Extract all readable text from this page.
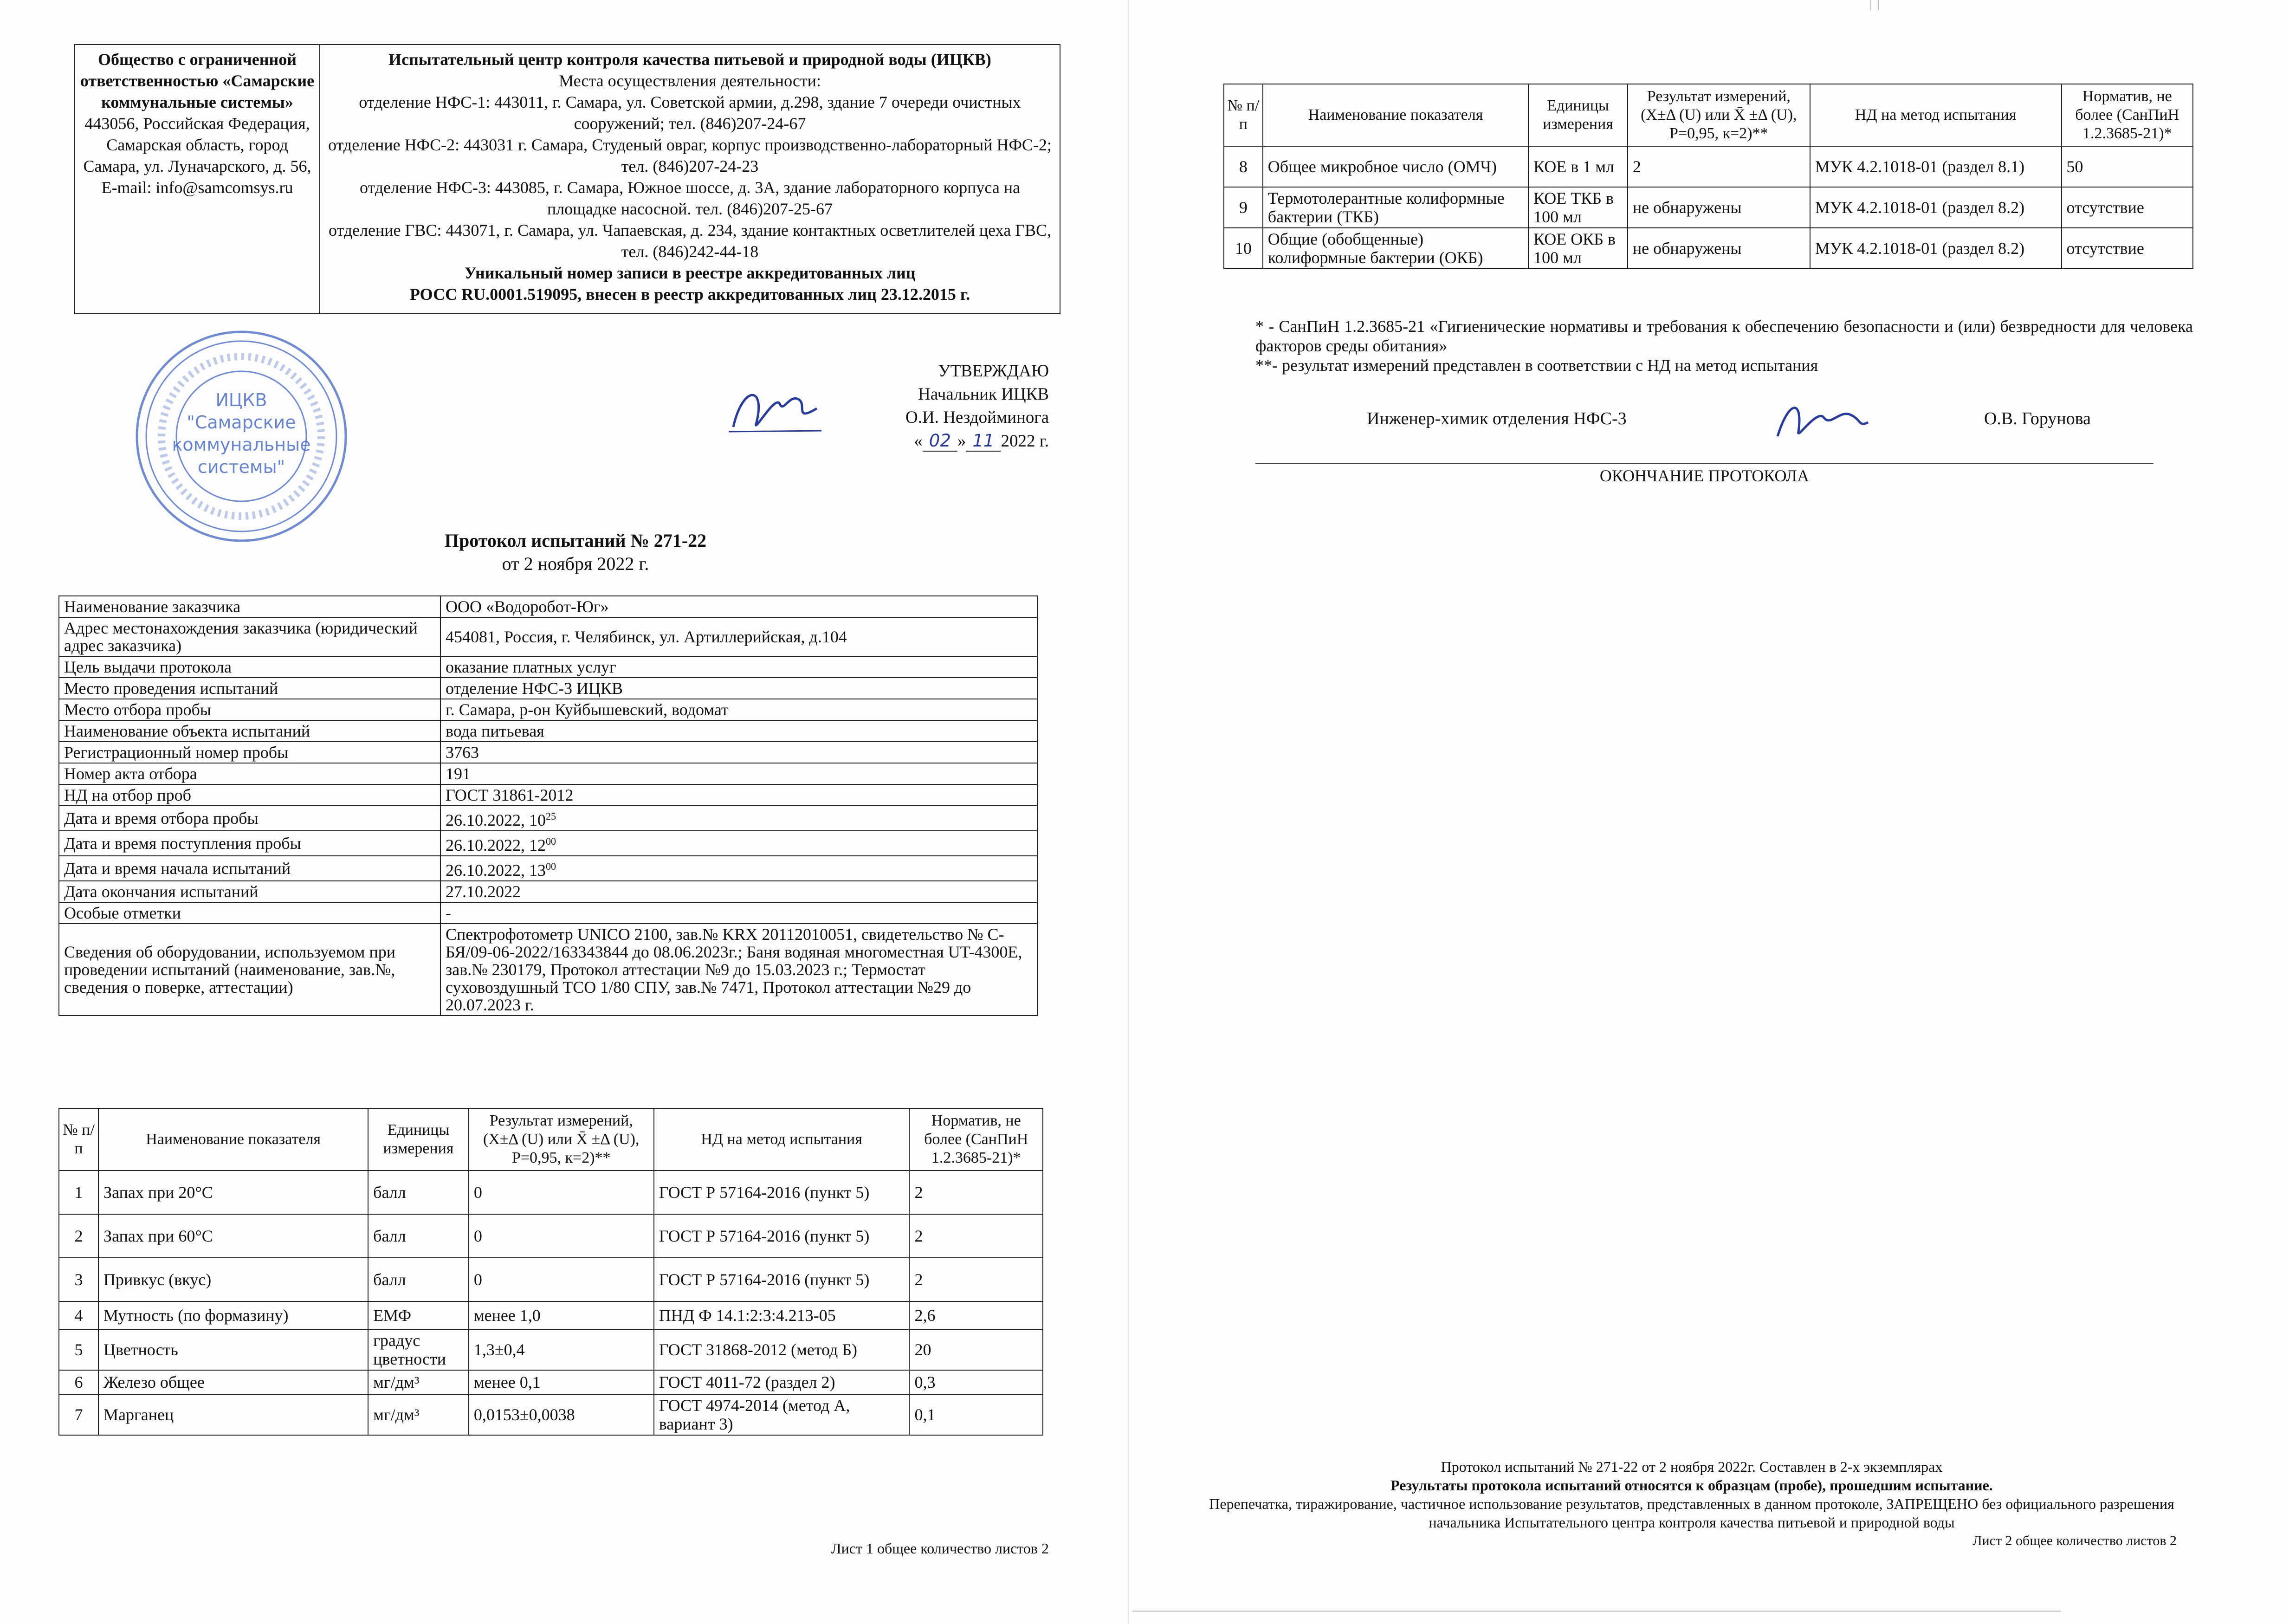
Общество с ограниченной ответственностью «Самарские коммунальные системы»
443056, Российская Федерация, Самарская область, город Самара, ул. Луначарского, д. 56,
E-mail: info@samcomsys.ru	Испытательный центр контроля качества питьевой и природной воды (ИЦКВ)
Места осуществления деятельности:
отделение НФС-1: 443011, г. Самара, ул. Советской армии, д.298, здание 7 очереди очистных сооружений; тел. (846)207-24-67
отделение НФС-2: 443031 г. Самара, Студеный овраг, корпус производственно-лабораторный НФС-2; тел. (846)207-24-23
отделение НФС-3: 443085, г. Самара, Южное шоссе, д. 3А, здание лабораторного корпуса на площадке насосной. тел. (846)207-25-67
отделение ГВС: 443071, г. Самара, ул. Чапаевская, д. 234, здание контактных осветлителей цеха ГВС, тел. (846)242-44-18
Уникальный номер записи в реестре аккредитованных лиц
РОСС RU.0001.519095, внесен в реестр аккредитованных лиц 23.12.2015 г.
ИЦКВ
"Самарские
коммунальные
системы"
УТВЕРЖДАЮ
Начальник ИЦКВ
О.И. Нездойминога
« 02 » 11 2022 г.
Протокол испытаний № 271-22
от 2 ноября 2022 г.
Наименование заказчика	ООО «Водоробот-Юг»
Адрес местонахождения заказчика (юридический адрес заказчика)	454081, Россия, г. Челябинск, ул. Артиллерийская, д.104
Цель выдачи протокола	оказание платных услуг
Место проведения испытаний	отделение НФС-3 ИЦКВ
Место отбора пробы	г. Самара, р-он Куйбышевский, водомат
Наименование объекта испытаний	вода питьевая
Регистрационный номер пробы	3763
Номер акта отбора	191
НД на отбор проб	ГОСТ 31861-2012
Дата и время отбора пробы	26.10.2022, $10^{25}$
Дата и время поступления пробы	26.10.2022, $12^{00}$
Дата и время начала испытаний	26.10.2022, $13^{00}$
Дата окончания испытаний	27.10.2022
Особые отметки	-
Сведения об оборудовании, используемом при проведении испытаний (наименование, зав.№, сведения о поверке, аттестации)	Спектрофотометр UNICO 2100, зав.№ KRX 20112010051, свидетельство № С-БЯ/09-06-2022/163343844 до 08.06.2023г.; Баня водяная многоместная UT-4300E, зав.№ 230179, Протокол аттестации №9 до 15.03.2023 г.; Термостат суховоздушный ТСО 1/80 СПУ, зав.№ 7471, Протокол аттестации №29 до 20.07.2023 г.
№ п/п	Наименование показателя	Единицы измерения	Результат измерений, (Х±Δ (U) или X̄ ±Δ (U), Р=0,95, к=2)**	НД на метод испытания	Норматив, не более (СанПиН 1.2.3685-21)*
1	Запах при 20°С	балл	0	ГОСТ Р 57164-2016 (пункт 5)	2
2	Запах при 60°С	балл	0	ГОСТ Р 57164-2016 (пункт 5)	2
3	Привкус (вкус)	балл	0	ГОСТ Р 57164-2016 (пункт 5)	2
4	Мутность (по формазину)	ЕМФ	менее 1,0	ПНД Ф 14.1:2:3:4.213-05	2,6
5	Цветность	градус цветности	1,3±0,4	ГОСТ 31868-2012 (метод Б)	20
6	Железо общее	мг/дм³	менее 0,1	ГОСТ 4011-72 (раздел 2)	0,3
7	Марганец	мг/дм³	0,0153±0,0038	ГОСТ 4974-2014 (метод А, вариант 3)	0,1
Лист 1 общее количество листов 2
№ п/п	Наименование показателя	Единицы измерения	Результат измерений, (Х±Δ (U) или X̄ ±Δ (U), Р=0,95, к=2)**	НД на метод испытания	Норматив, не более (СанПиН 1.2.3685-21)*
8	Общее микробное число (ОМЧ)	КОЕ в 1 мл	2	МУК 4.2.1018-01 (раздел 8.1)	50
9	Термотолерантные колиформные бактерии (ТКБ)	КОЕ ТКБ в 100 мл	не обнаружены	МУК 4.2.1018-01 (раздел 8.2)	отсутствие
10	Общие (обобщенные) колиформные бактерии (ОКБ)	КОЕ ОКБ в 100 мл	не обнаружены	МУК 4.2.1018-01 (раздел 8.2)	отсутствие
* - СанПиН 1.2.3685-21 «Гигиенические нормативы и требования к обеспечению безопасности и (или) безвредности для человека факторов среды обитания»
**- результат измерений представлен в соответствии с НД на метод испытания
Инженер-химик отделения НФС-3	О.В. Горунова
ОКОНЧАНИЕ ПРОТОКОЛА
Протокол испытаний № 271-22 от 2 ноября 2022г. Составлен в 2-х экземплярах
Результаты протокола испытаний относятся к образцам (пробе), прошедшим испытание.
Перепечатка, тиражирование, частичное использование результатов, представленных в данном протоколе, ЗАПРЕЩЕНО без официального разрешения начальника Испытательного центра контроля качества питьевой и природной воды
Лист 2 общее количество листов 2
